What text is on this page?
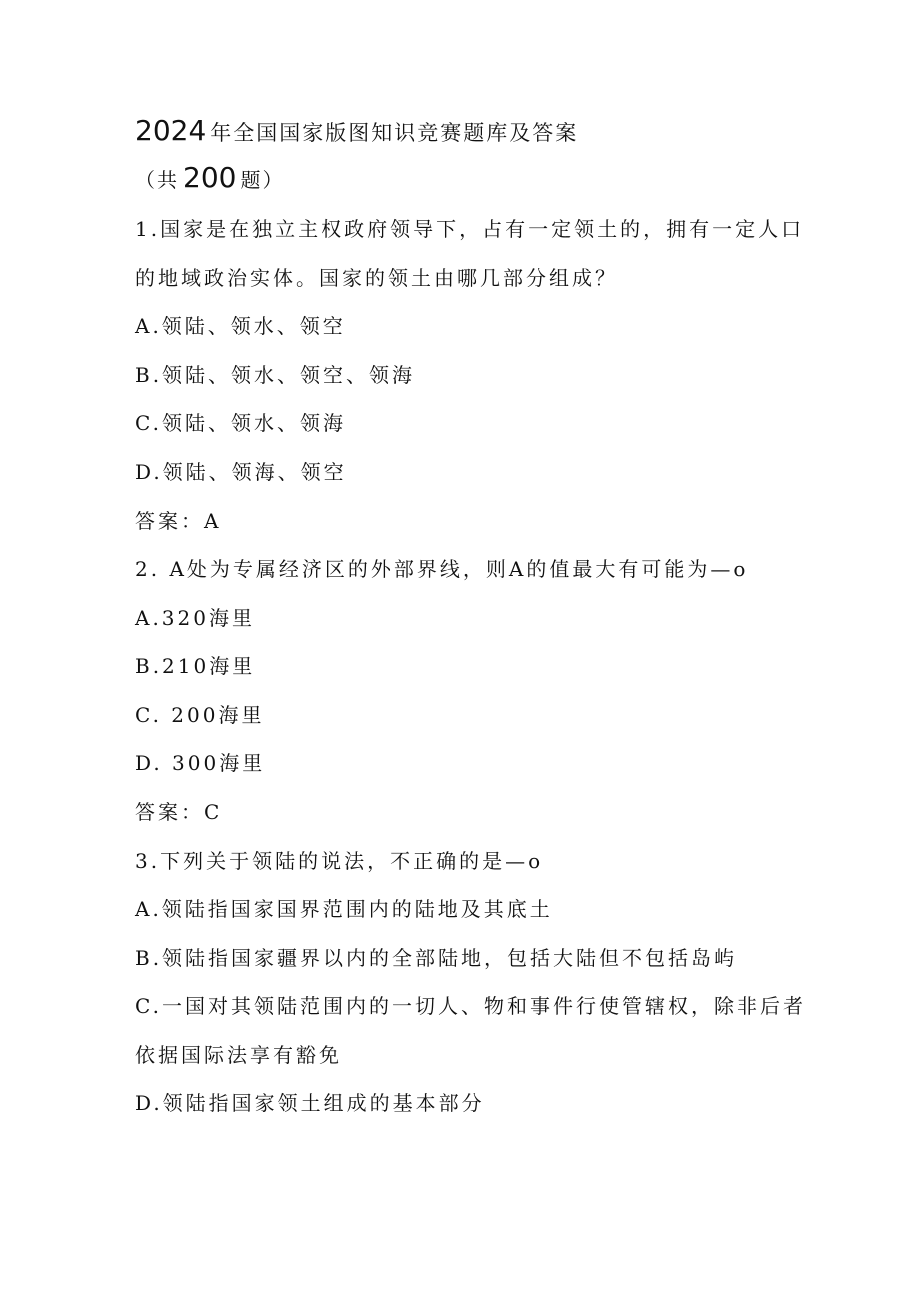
2024 年全国国家版图知识竞赛题库及答案
（共 200 题）
1.国家是在独立主权政府领导下，占有一定领土的，拥有一定人口
的地域政治实体。国家的领土由哪几部分组成？
A.领陆、领水、领空
B.领陆、领水、领空、领海
C.领陆、领水、领海
D.领陆、领海、领空
答案：A
2. A处为专属经济区的外部界线，则A的值最大有可能为—o
A.320海里
B.210海里
C. 200海里
D. 300海里
答案：C
3.下列关于领陆的说法，不正确的是—o
A.领陆指国家国界范围内的陆地及其底土
B.领陆指国家疆界以内的全部陆地，包括大陆但不包括岛屿
C.一国对其领陆范围内的一切人、物和事件行使管辖权，除非后者
依据国际法享有豁免
D.领陆指国家领土组成的基本部分
